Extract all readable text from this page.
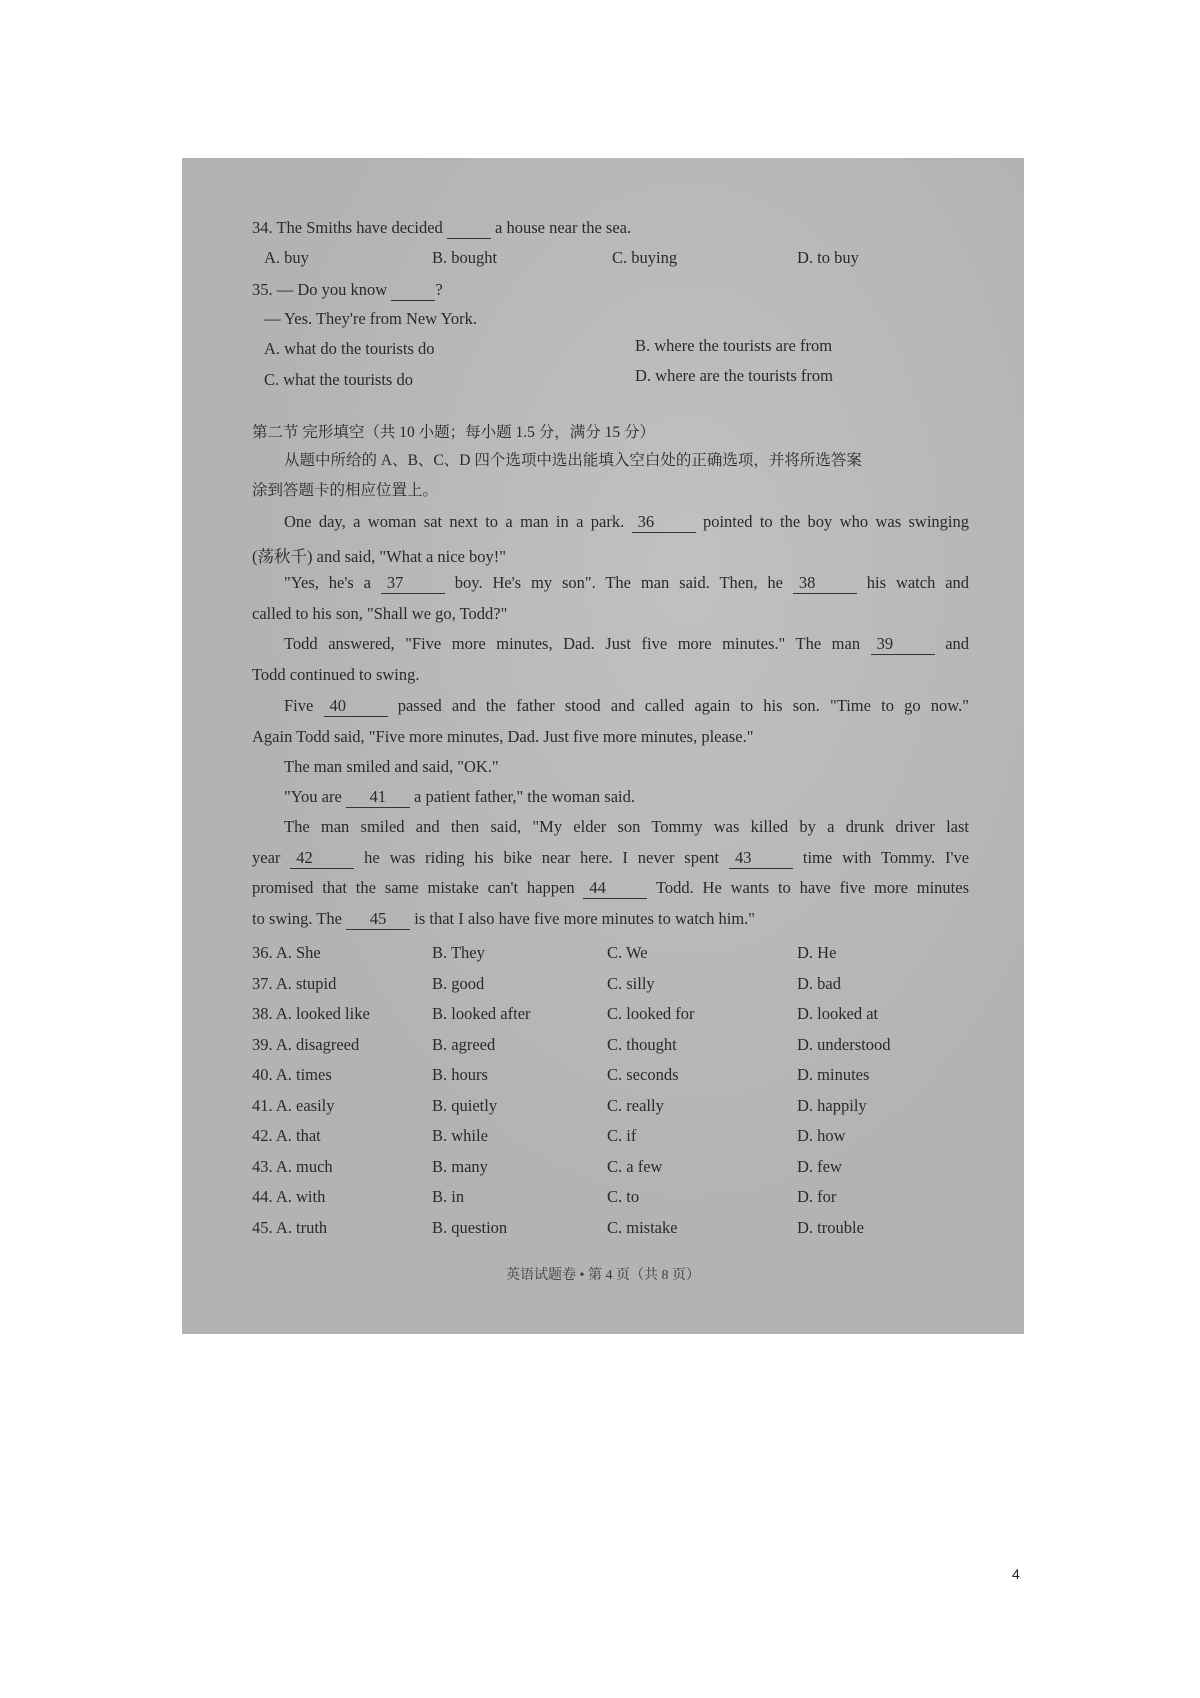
34. The Smiths have decided	a house near the sea.
A. buy	B. bought	C. buying	D. to buy
35. — Do you know	?
— Yes. They're from New York.
A. what do the tourists do	B. where the tourists are from
C. what the tourists do	D. where are the tourists from
第二节 完形填空（共 10 小题；每小题 1.5 分，满分 15 分）
从题中所给的 A、B、C、D 四个选项中选出能填入空白处的正确选项，并将所选答案
涂到答题卡的相应位置上。
One day, a woman sat next to a man in a park. 36	pointed to the boy who was swinging
(荡秋千) and said, "What a nice boy!"
"Yes, he's a 37	boy. He's my son". The man said. Then, he 38	his watch and
called to his son, "Shall we go, Todd?"
Todd answered, "Five more minutes, Dad. Just five more minutes." The man 39	and
Todd continued to swing.
Five 40	passed and the father stood and called again to his son. "Time to go now."
Again Todd said, "Five more minutes, Dad. Just five more minutes, please."
The man smiled and said, "OK."
"You are 41 a patient father," the woman said.
The man smiled and then said, "My elder son Tommy was killed by a drunk driver last
year 42	he was riding his bike near here. I never spent 43	time with Tommy. I've
promised that the same mistake can't happen 44	Todd. He wants to have five more minutes
to swing. The 45 is that I also have five more minutes to watch him."
36. A. She	B. They	C. We	D. He
37. A. stupid	B. good	C. silly	D. bad
38. A. looked like	B. looked after	C. looked for	D. looked at
39. A. disagreed	B. agreed	C. thought	D. understood
40. A. times	B. hours	C. seconds	D. minutes
41. A. easily	B. quietly	C. really	D. happily
42. A. that	B. while	C. if	D. how
43. A. much	B. many	C. a few	D. few
44. A. with	B. in	C. to	D. for
45. A. truth	B. question	C. mistake	D. trouble
英语试题卷 • 第 4 页（共 8 页）
4
